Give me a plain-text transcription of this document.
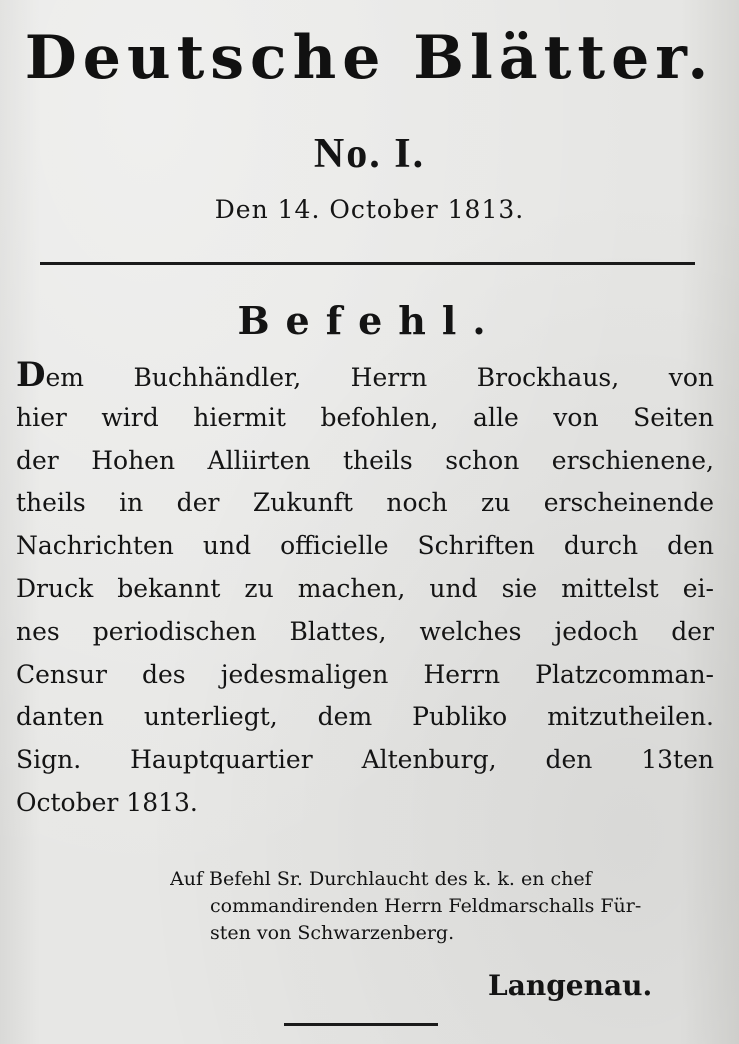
Deutsche Blätter.
No. I.
Den 14. October 1813.
Befehl.
Dem Buchhändler, Herrn Brockhaus, von
hier wird hiermit befohlen, alle von Seiten
der Hohen Alliirten theils schon erschienene,
theils in der Zukunft noch zu erscheinende
Nachrichten und officielle Schriften durch den
Druck bekannt zu machen, und sie mittelst ei-
nes periodischen Blattes, welches jedoch der
Censur des jedesmaligen Herrn Platzcomman-
danten unterliegt, dem Publiko mitzutheilen.
Sign. Hauptquartier Altenburg, den 13ten
October 1813.
Auf Befehl Sr. Durchlaucht des k. k. en chef
commandirenden Herrn Feldmarschalls Für-
sten von Schwarzenberg.
Langenau.
